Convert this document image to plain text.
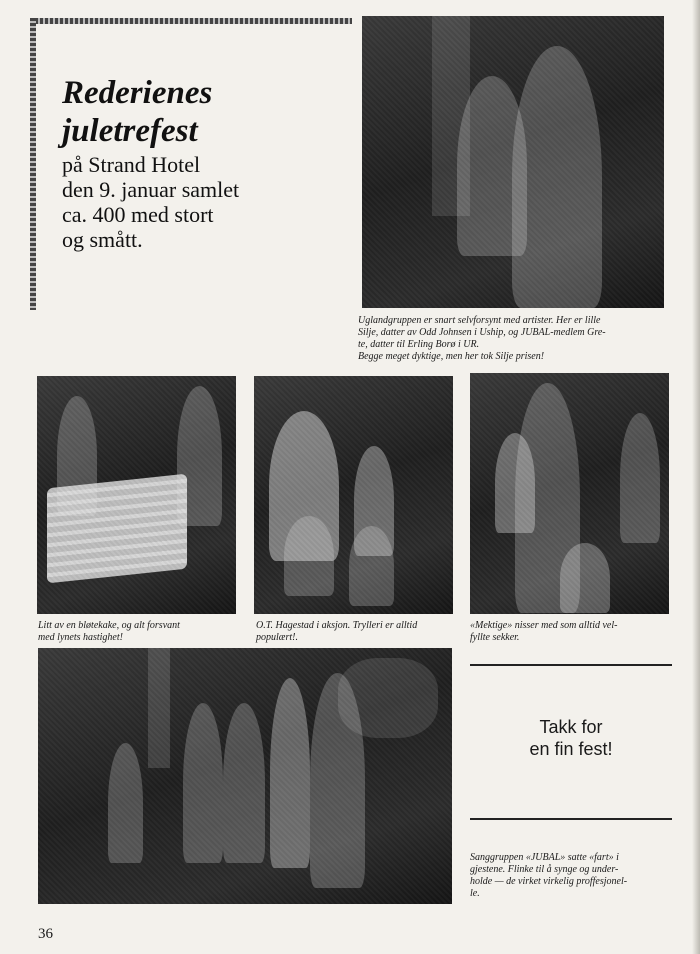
Rederienes
juletrefest

på Strand Hotel
den 9. januar samlet
ca. 400 med stort
og smått.

Uglandgruppen er snart selvforsynt med artister. Her er lille
Silje, datter av Odd Johnsen i Uship, og JUBAL-medlem Gre-
te, datter til Erling Borø i UR.
Begge meget dyktige, men her tok Silje prisen!

Litt av en bløtekake, og alt forsvant
med lynets hastighet!

O.T. Hagestad i aksjon. Trylleri er alltid
populært!.

«Mektige» nisser med som alltid vel-
fyllte sekker.

Takk for
en fin fest!

Sanggruppen «JUBAL» satte «fart» i
gjestene. Flinke til å synge og under-
holde — de virket virkelig proffesjonel-
le.

36
